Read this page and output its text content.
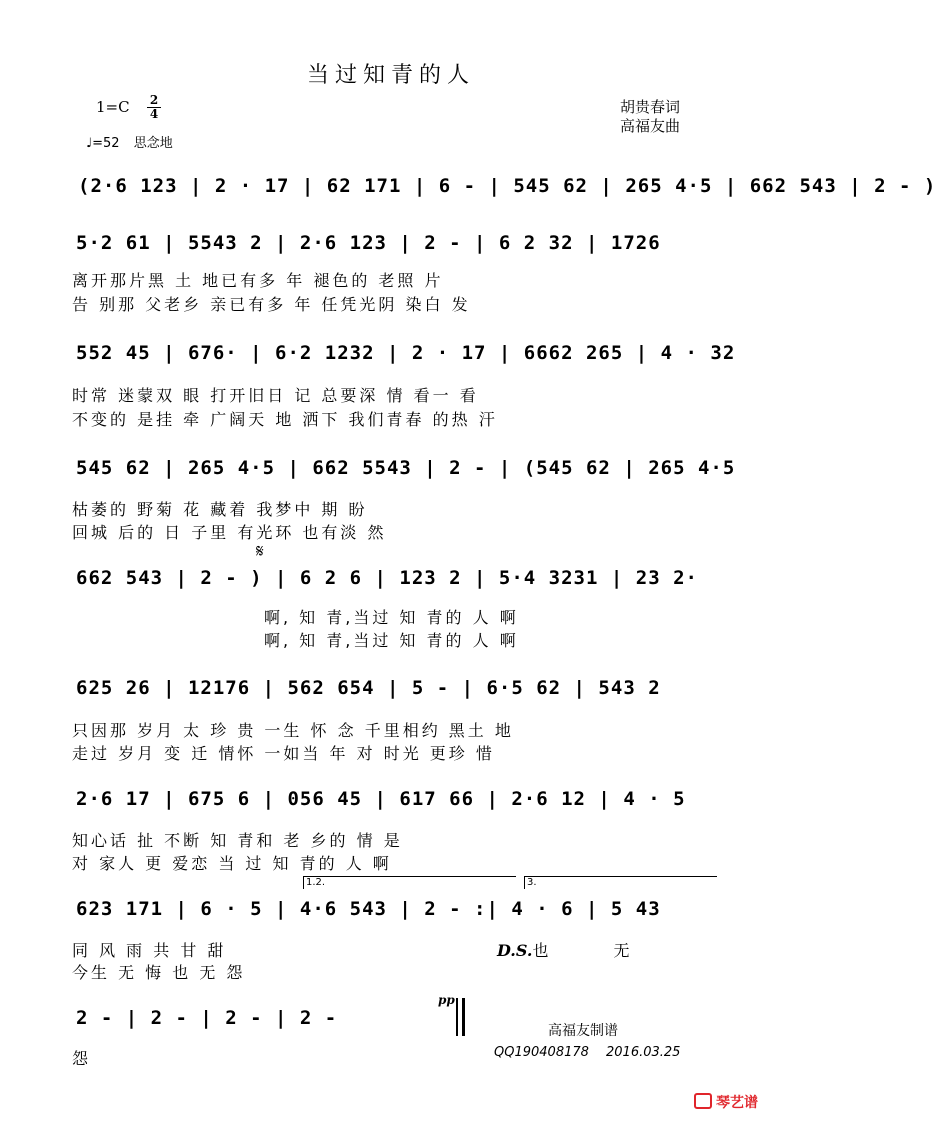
当过知青的人
$1=C \frac{2}{4}$
♩=52 思念地
胡贵春词
高福友曲
(2·6 123 | 2 · 17 | 62 171 | 6 - | 545 62 | 265 4·5 | 662 543 | 2 - )
5·2 61 | 5543 2 | 2·6 123 | 2 - | 6 2 32 | 1726
离开那片黑 土 地已有多 年 褪色的 老照 片
告 别那 父老乡 亲已有多 年 任凭光阴 染白 发
552 45 | 676· | 6·2 1232 | 2 · 17 | 6662 265 | 4 · 32
时常 迷蒙双 眼 打开旧日 记 总要深 情 看一 看
不变的 是挂 牵 广阔天 地 洒下 我们青春 的热 汗
545 62 | 265 4·5 | 662 5543 | 2 - | (545 62 | 265 4·5
枯萎的 野菊 花 藏着 我梦中 期 盼
回城 后的 日 子里 有光环 也有淡 然
𝄋
662 543 | 2 - ) | 6 2 6 | 123 2 | 5·4 3231 | 23 2·
啊, 知 青,当过 知 青的 人 啊
啊, 知 青,当过 知 青的 人 啊
625 26 | 12176 | 562 654 | 5 - | 6·5 62 | 543 2
只因那 岁月 太 珍 贵 一生 怀 念 千里相约 黑土 地
走过 岁月 变 迁 情怀 一如当 年 对 时光 更珍 惜
2·6 17 | 675 6 | 056 45 | 617 66 | 2·6 12 | 4 · 5
知心话 扯 不断 知 青和 老 乡的 情 是
对 家人 更 爱恋 当 过 知 青的 人 啊
1.2.	3.
623 171 | 6 · 5 | 4·6 543 | 2 - :| 4 · 6 | 5 43
同 风 雨 共 甘 甜
今生 无 悔 也 无 怨
D.S.也	无
2 - | 2 - | 2 - | 2 -
pp
怨
高福友制谱
QQ190408178 2016.03.25
琴艺谱
